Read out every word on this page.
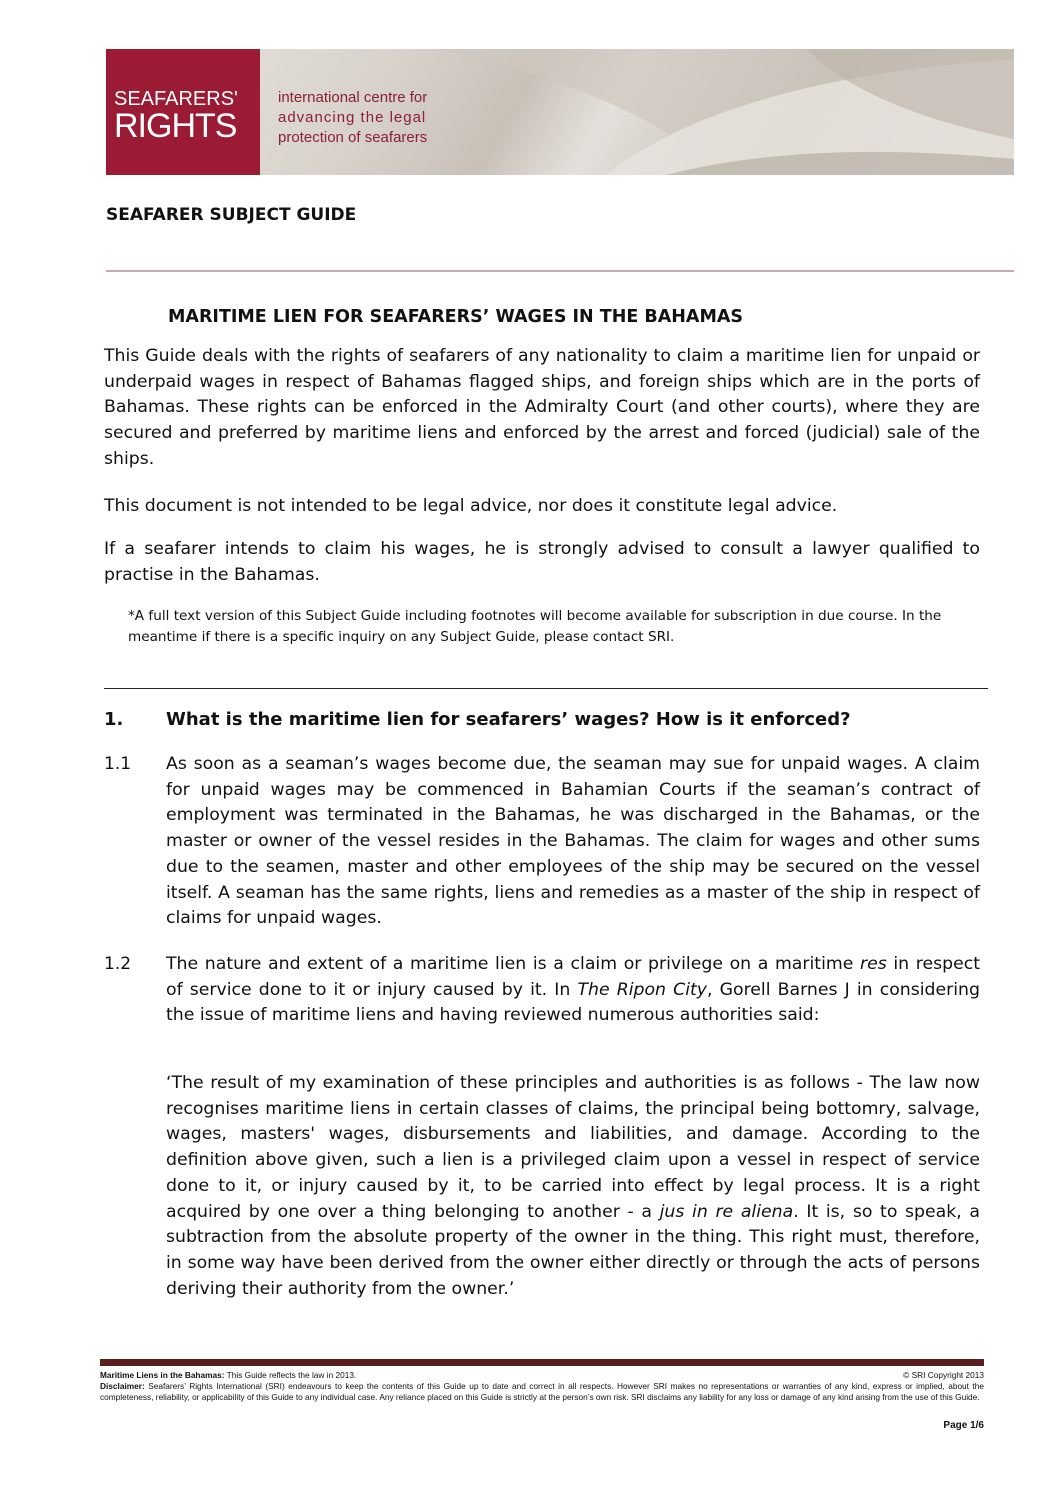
SEAFARERS'
RIGHTS
international centre for
advancing the legal
protection of seafarers
SEAFARER SUBJECT GUIDE
MARITIME LIEN FOR SEAFARERS’ WAGES IN THE BAHAMAS
This Guide deals with the rights of seafarers of any nationality to claim a maritime lien for unpaid or underpaid wages in respect of Bahamas flagged ships, and foreign ships which are in the ports of Bahamas. These rights can be enforced in the Admiralty Court (and other courts), where they are secured and preferred by maritime liens and enforced by the arrest and forced (judicial) sale of the ships.
This document is not intended to be legal advice, nor does it constitute legal advice.
If a seafarer intends to claim his wages, he is strongly advised to consult a lawyer qualified to practise in the Bahamas.
*A full text version of this Subject Guide including footnotes will become available for subscription in due course. In the meantime if there is a specific inquiry on any Subject Guide, please contact SRI.
1. What is the maritime lien for seafarers’ wages? How is it enforced?
1.1 As soon as a seaman’s wages become due, the seaman may sue for unpaid wages. A claim for unpaid wages may be commenced in Bahamian Courts if the seaman’s contract of employment was terminated in the Bahamas, he was discharged in the Bahamas, or the master or owner of the vessel resides in the Bahamas. The claim for wages and other sums due to the seamen, master and other employees of the ship may be secured on the vessel itself. A seaman has the same rights, liens and remedies as a master of the ship in respect of claims for unpaid wages.
1.2 The nature and extent of a maritime lien is a claim or privilege on a maritime res in respect of service done to it or injury caused by it. In The Ripon City, Gorell Barnes J in considering the issue of maritime liens and having reviewed numerous authorities said:
‘The result of my examination of these principles and authorities is as follows - The law now recognises maritime liens in certain classes of claims, the principal being bottomry, salvage, wages, masters' wages, disbursements and liabilities, and damage. According to the definition above given, such a lien is a privileged claim upon a vessel in respect of service done to it, or injury caused by it, to be carried into effect by legal process. It is a right acquired by one over a thing belonging to another - a jus in re aliena. It is, so to speak, a subtraction from the absolute property of the owner in the thing. This right must, therefore, in some way have been derived from the owner either directly or through the acts of persons deriving their authority from the owner.’
Maritime Liens in the Bahamas: This Guide reflects the law in 2013.	© SRI Copyright 2013
Disclaimer: Seafarers’ Rights International (SRI) endeavours to keep the contents of this Guide up to date and correct in all respects. However SRI makes no representations or warranties of any kind, express or implied, about the completeness, reliability, or applicability of this Guide to any individual case. Any reliance placed on this Guide is strictly at the person’s own risk. SRI disclaims any liability for any loss or damage of any kind arising from the use of this Guide.
Page 1/6
